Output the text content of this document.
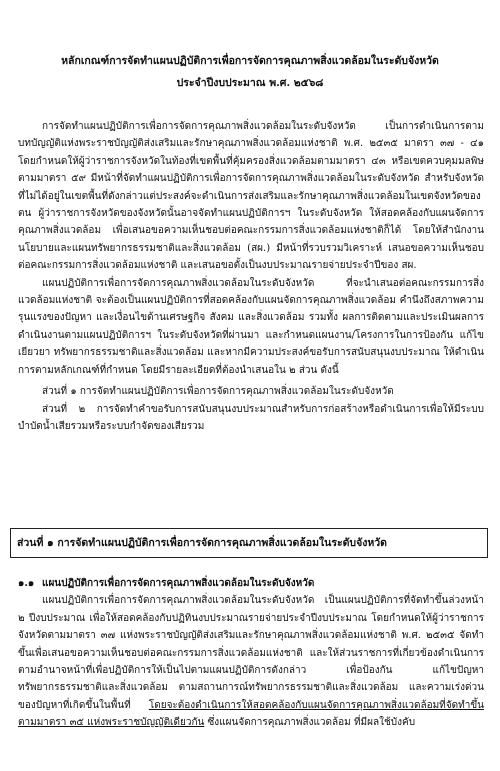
หลักเกณฑ์การจัดทำแผนปฏิบัติการเพื่อการจัดการคุณภาพสิ่งแวดล้อมในระดับจังหวัด
ประจำปีงบประมาณ พ.ศ. ๒๕๖๘

การจัดทำแผนปฏิบัติการเพื่อการจัดการคุณภาพสิ่งแวดล้อมในระดับจังหวัด เป็นการดำเนินการตามบทบัญญัติแห่งพระราชบัญญัติส่งเสริมและรักษาคุณภาพสิ่งแวดล้อมแห่งชาติ พ.ศ. ๒๕๓๕ มาตรา ๓๗ - ๔๑ โดยกำหนดให้ผู้ว่าราชการจังหวัดในท้องที่เขตพื้นที่คุ้มครองสิ่งแวดล้อมตามมาตรา ๔๓ หรือเขตควบคุมมลพิษตามมาตรา ๕๙ มีหน้าที่จัดทำแผนปฏิบัติการเพื่อการจัดการคุณภาพสิ่งแวดล้อมในระดับจังหวัด สำหรับจังหวัดที่ไม่ได้อยู่ในเขตพื้นที่ดังกล่าวแต่ประสงค์จะดำเนินการส่งเสริมและรักษาคุณภาพสิ่งแวดล้อมในเขตจังหวัดของตน ผู้ว่าราชการจังหวัดของจังหวัดนั้นอาจจัดทำแผนปฏิบัติการฯ ในระดับจังหวัด ให้สอดคล้องกับแผนจัดการคุณภาพสิ่งแวดล้อม เพื่อเสนอขอความเห็นชอบต่อคณะกรรมการสิ่งแวดล้อมแห่งชาติก็ได้ โดยให้สำนักงานนโยบายและแผนทรัพยากรธรรมชาติและสิ่งแวดล้อม (สผ.) มีหน้าที่รวบรวมวิเคราะห์ เสนอขอความเห็นชอบต่อคณะกรรมการสิ่งแวดล้อมแห่งชาติ และเสนอขอตั้งเป็นงบประมาณรายจ่ายประจำปีของ สผ.

แผนปฏิบัติการเพื่อการจัดการคุณภาพสิ่งแวดล้อมในระดับจังหวัด ที่จะนำเสนอต่อคณะกรรมการสิ่งแวดล้อมแห่งชาติ จะต้องเป็นแผนปฏิบัติการที่สอดคล้องกับแผนจัดการคุณภาพสิ่งแวดล้อม คำนึงถึงสภาพความรุนแรงของปัญหา และเงื่อนไขด้านเศรษฐกิจ สังคม และสิ่งแวดล้อม รวมทั้ง ผลการติดตามและประเมินผลการดำเนินงานตามแผนปฏิบัติการฯ ในระดับจังหวัดที่ผ่านมา และกำหนดแผนงาน/โครงการในการป้องกัน แก้ไข เยียวยา ทรัพยากรธรรมชาติและสิ่งแวดล้อม และหากมีความประสงค์ขอรับการสนับสนุนงบประมาณ ให้ดำเนินการตามหลักเกณฑ์ที่กำหนด โดยมีรายละเอียดที่ต้องนำเสนอใน ๒ ส่วน ดังนี้

ส่วนที่ ๑ การจัดทำแผนปฏิบัติการเพื่อการจัดการคุณภาพสิ่งแวดล้อมในระดับจังหวัด

ส่วนที่ ๒ การจัดทำคำขอรับการสนับสนุนงบประมาณสำหรับการก่อสร้างหรือดำเนินการเพื่อให้มีระบบบำบัดน้ำเสียรวมหรือระบบกำจัดของเสียรวม

ส่วนที่ ๑ การจัดทำแผนปฏิบัติการเพื่อการจัดการคุณภาพสิ่งแวดล้อมในระดับจังหวัด

๑.๑ แผนปฏิบัติการเพื่อการจัดการคุณภาพสิ่งแวดล้อมในระดับจังหวัด

แผนปฏิบัติการเพื่อการจัดการคุณภาพสิ่งแวดล้อมในระดับจังหวัด เป็นแผนปฏิบัติการที่จัดทำขึ้นล่วงหน้า ๒ ปีงบประมาณ เพื่อให้สอดคล้องกับปฏิทินงบประมาณรายจ่ายประจำปีงบประมาณ โดยกำหนดให้ผู้ว่าราชการจังหวัดตามมาตรา ๓๗ แห่งพระราชบัญญัติส่งเสริมและรักษาคุณภาพสิ่งแวดล้อมแห่งชาติ พ.ศ. ๒๕๓๕ จัดทำขึ้นเพื่อเสนอขอความเห็นชอบต่อคณะกรรมการสิ่งแวดล้อมแห่งชาติ และให้ส่วนราชการที่เกี่ยวข้องดำเนินการตามอำนาจหน้าที่เพื่อปฏิบัติการให้เป็นไปตามแผนปฏิบัติการดังกล่าว เพื่อป้องกัน แก้ไขปัญหาทรัพยากรธรรมชาติและสิ่งแวดล้อม ตามสถานการณ์ทรัพยากรธรรมชาติและสิ่งแวดล้อม และความเร่งด่วนของปัญหาที่เกิดขึ้นในพื้นที่ โดยจะต้องดำเนินการให้สอดคล้องกับแผนจัดการคุณภาพสิ่งแวดล้อมที่จัดทำขึ้นตามมาตรา ๓๕ แห่งพระราชบัญญัติเดียวกัน ซึ่งแผนจัดการคุณภาพสิ่งแวดล้อม ที่มีผลใช้บังคับ
